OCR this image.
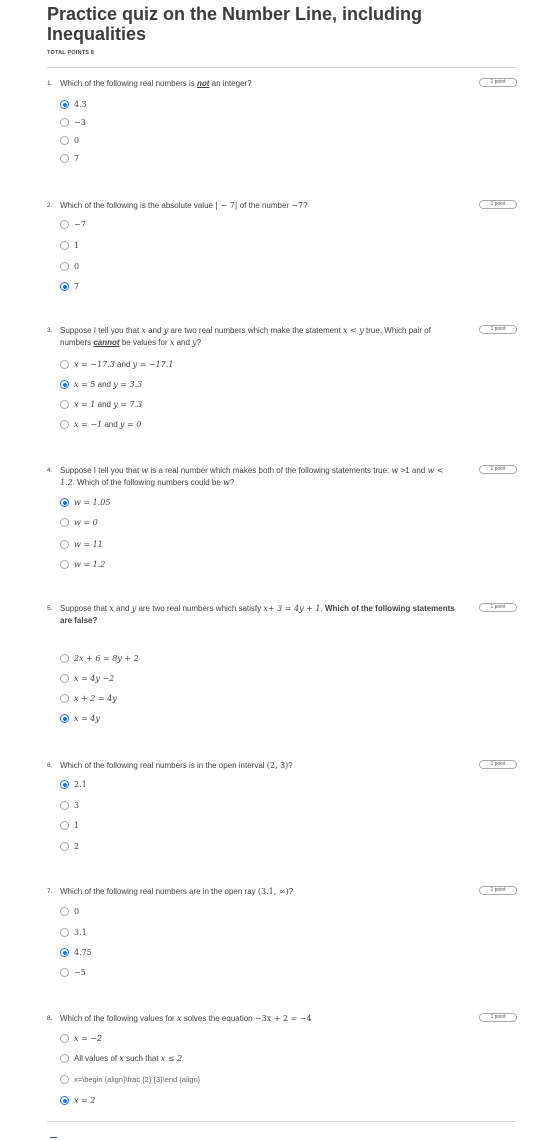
Practice quiz on the Number Line, including Inequalities
TOTAL POINTS 8
1. Which of the following real numbers is not an integer?	1 point
4.3
−3
0
7
2. Which of the following is the absolute value | − 7| of the number −7?	1 point
−7
1
0
7
3. Suppose I tell you that x and y are two real numbers which make the statement x < y true. Which pair of numbers cannot be values for x and y?
1 point
x = −17.3 and y = −17.1
x = 5 and y = 3.3
x = 1 and y = 7.3
x = −1 and y = 0
4. Suppose I tell you that w is a real number which makes both of the following statements true: w >1 and w < 1.2. Which of the following numbers could be w?
1 point
w = 1.05
w = 0
w = 11
w = 1.2
5. Suppose that x and y are two real numbers which satisfy x+ 3 = 4y + 1. Which of the following statements are false?
1 point
2x + 6 = 8y + 2
x = 4y −2
x + 2 = 4y
x = 4y
6. Which of the following real numbers is in the open interval (2, 3)?	1 point
2.1
3
1
2
7. Which of the following real numbers are in the open ray (3.1, ∞)?	1 point
0
3.1
4.75
−5
8. Which of the following values for x solves the equation −3x + 2 = −4	1 point
x = −2
All values of x such that x ≤ 2
x=\begin {align}\frac {2} {3}\end {align}
x = 2
